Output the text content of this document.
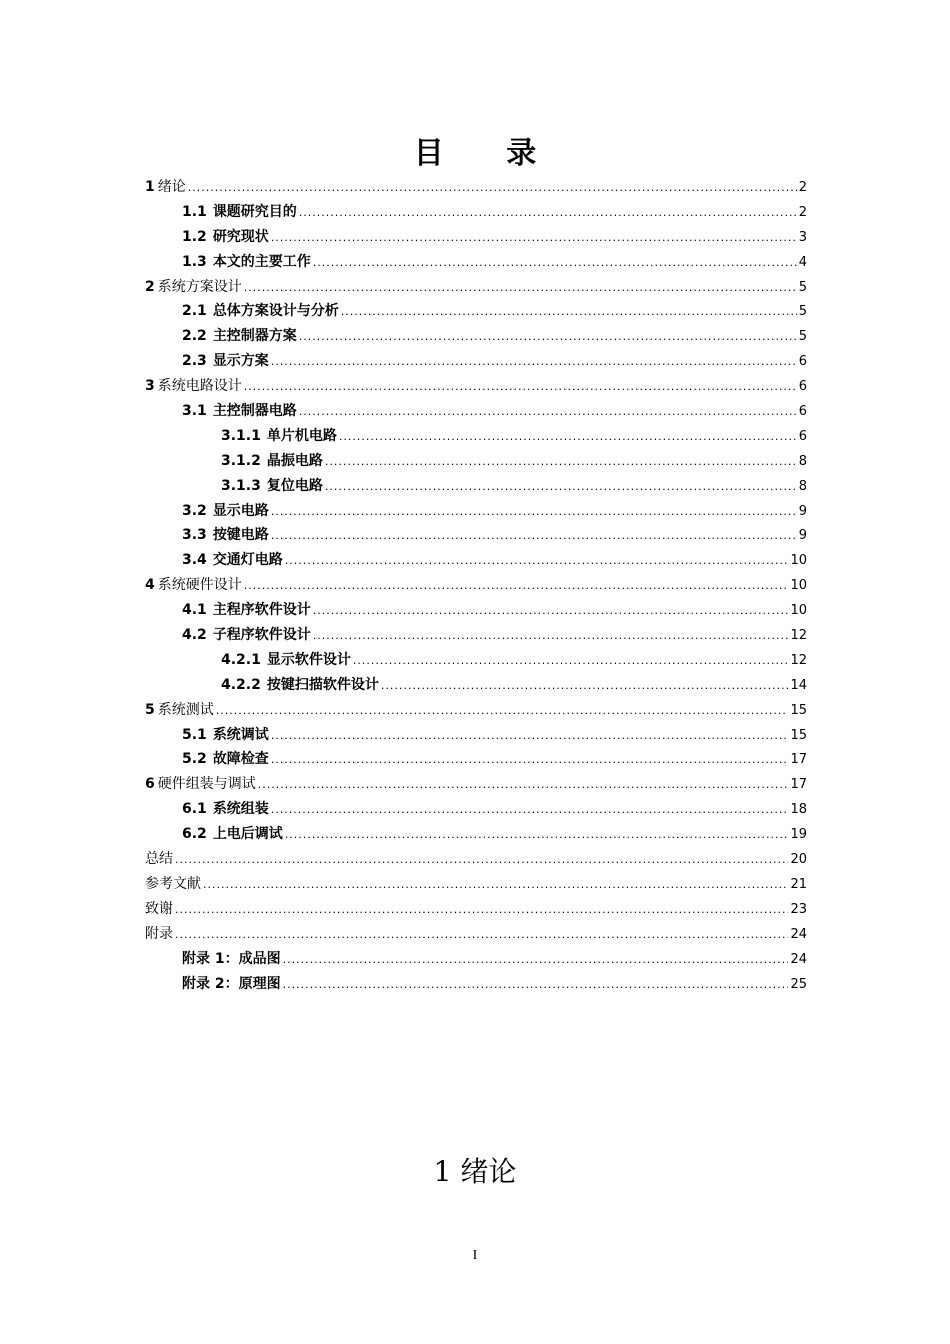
目 录
1 绪论 .....	2
1.1 课题研究目的 .....	2
1.2 研究现状 .....	3
1.3 本文的主要工作 .....	4
2 系统方案设计 .....	5
2.1 总体方案设计与分析 .....	5
2.2 主控制器方案 .....	5
2.3 显示方案 .....	6
3 系统电路设计 .....	6
3.1 主控制器电路 .....	6
3.1.1 单片机电路 .....	6
3.1.2 晶振电路 .....	8
3.1.3 复位电路 .....	8
3.2 显示电路 .....	9
3.3 按键电路 .....	9
3.4 交通灯电路 .....	10
4 系统硬件设计 .....	10
4.1 主程序软件设计 .....	10
4.2 子程序软件设计 .....	12
4.2.1 显示软件设计 .....	12
4.2.2 按键扫描软件设计 .....	14
5 系统测试 .....	15
5.1 系统调试 .....	15
5.2 故障检查 .....	17
6 硬件组装与调试 .....	17
6.1 系统组装 .....	18
6.2 上电后调试 .....	19
总结 .....	20
参考文献 .....	21
致谢 .....	23
附录 .....	24
附录 1：成品图 .....	24
附录 2：原理图 .....	25
1 绪论
I
